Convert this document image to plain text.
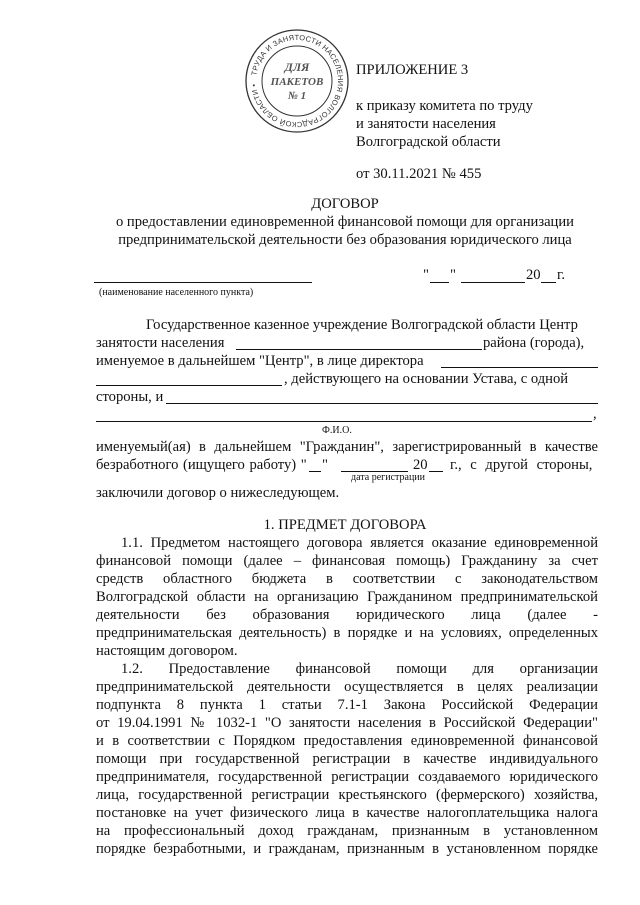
ТРУДА И ЗАНЯТОСТИ НАСЕЛЕНИЯ ВОЛГОГРАДСКОЙ ОБЛАСТИ •
ДЛЯ
ПАКЕТОВ
№ 1
ПРИЛОЖЕНИЕ 3
к приказу комитета по труду
и занятости населения
Волгоградской области
от 30.11.2021 № 455
ДОГОВОР
о предоставлении единовременной финансовой помощи для организации
предпринимательской деятельности без образования юридического лица
(наименование населенного пункта)
" "	20 г.
Государственное казенное учреждение Волгоградской области Центр
занятости населения	района (города),
именуемое в дальнейшем "Центр", в лице директора
, действующего на основании Устава, с одной
стороны, и
,
Ф.И.О.
именуемый(ая) в дальнейшем "Гражданин", зарегистрированный в качестве
безработного (ищущего работу) " "	20 г., с другой стороны,
дата регистрации
заключили договор о нижеследующем.
1. ПРЕДМЕТ ДОГОВОРА
1.1. Предметом настоящего договора является оказание единовременной
финансовой помощи (далее – финансовая помощь) Гражданину за счет
средств областного бюджета в соответствии с законодательством
Волгоградской области на организацию Гражданином предпринимательской
деятельности без образования юридического лица (далее -
предпринимательская деятельность) в порядке и на условиях, определенных
настоящим договором.
1.2. Предоставление финансовой помощи для организации
предпринимательской деятельности осуществляется в целях реализации
подпункта 8 пункта 1 статьи 7.1-1 Закона Российской Федерации
от 19.04.1991 № 1032-1 "О занятости населения в Российской Федерации"
и в соответствии с Порядком предоставления единовременной финансовой
помощи при государственной регистрации в качестве индивидуального
предпринимателя, государственной регистрации создаваемого юридического
лица, государственной регистрации крестьянского (фермерского) хозяйства,
постановке на учет физического лица в качестве налогоплательщика налога
на профессиональный доход гражданам, признанным в установленном
порядке безработными, и гражданам, признанным в установленном порядке
